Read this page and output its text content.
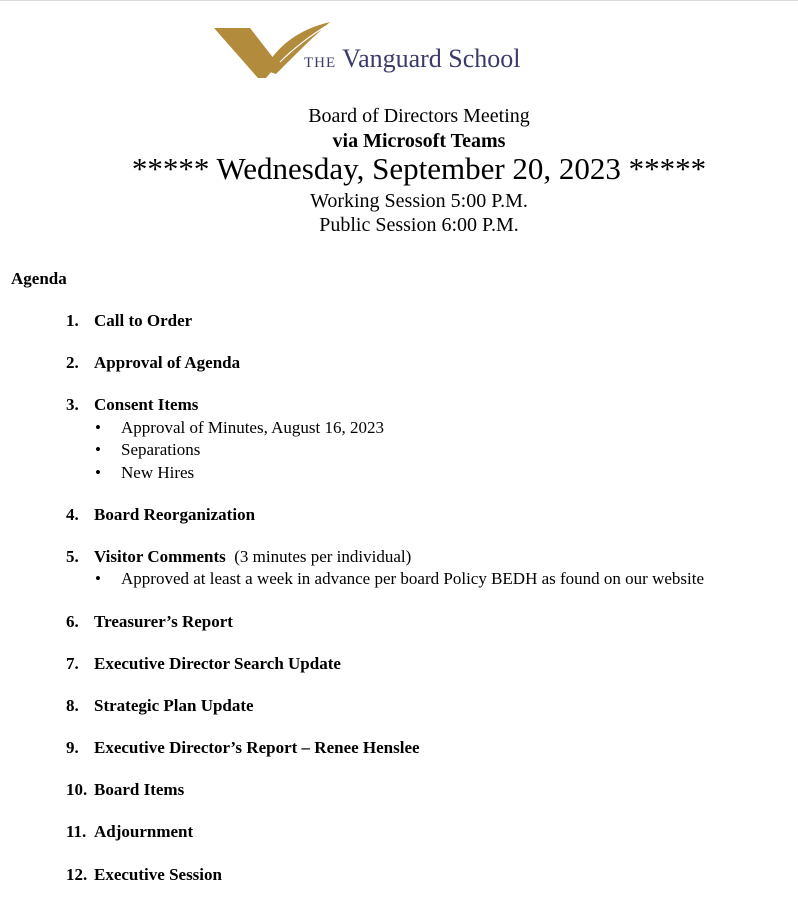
THE Vanguard School
Board of Directors Meeting
via Microsoft Teams
***** Wednesday, September 20, 2023 *****
Working Session 5:00 P.M.
Public Session 6:00 P.M.
Agenda
1. Call to Order
2. Approval of Agenda
3. Consent Items
• Approval of Minutes, August 16, 2023
• Separations
• New Hires
4. Board Reorganization
5. Visitor Comments (3 minutes per individual)
• Approved at least a week in advance per board Policy BEDH as found on our website
6. Treasurer’s Report
7. Executive Director Search Update
8. Strategic Plan Update
9. Executive Director’s Report – Renee Henslee
10. Board Items
11. Adjournment
12. Executive Session
